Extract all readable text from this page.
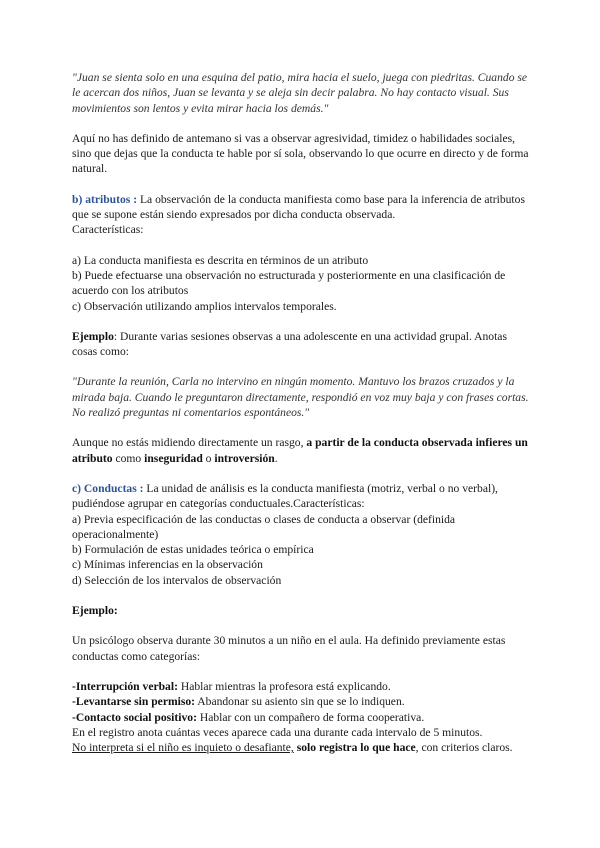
"Juan se sienta solo en una esquina del patio, mira hacia el suelo, juega con piedritas. Cuando se le acercan dos niños, Juan se levanta y se aleja sin decir palabra. No hay contacto visual. Sus movimientos son lentos y evita mirar hacia los demás."

Aquí no has definido de antemano si vas a observar agresividad, timidez o habilidades sociales, sino que dejas que la conducta te hable por sí sola, observando lo que ocurre en directo y de forma natural.

b) atributos : La observación de la conducta manifiesta como base para la inferencia de atributos que se supone están siendo expresados por dicha conducta observada.

Características:

a) La conducta manifiesta es descrita en términos de un atributo

b) Puede efectuarse una observación no estructurada y posteriormente en una clasificación de acuerdo con los atributos

c) Observación utilizando amplios intervalos temporales.

Ejemplo: Durante varias sesiones observas a una adolescente en una actividad grupal. Anotas cosas como:

"Durante la reunión, Carla no intervino en ningún momento. Mantuvo los brazos cruzados y la mirada baja. Cuando le preguntaron directamente, respondió en voz muy baja y con frases cortas. No realizó preguntas ni comentarios espontáneos."

Aunque no estás midiendo directamente un rasgo, a partir de la conducta observada infieres un atributo como inseguridad o introversión.

c) Conductas : La unidad de análisis es la conducta manifiesta (motriz, verbal o no verbal), pudiéndose agrupar en categorías conductuales.Características:

a) Previa especificación de las conductas o clases de conducta a observar (definida operacionalmente)

b) Formulación de estas unidades teórica o empírica

c) Mínimas inferencias en la observación

d) Selección de los intervalos de observación

Ejemplo:

Un psicólogo observa durante 30 minutos a un niño en el aula. Ha definido previamente estas conductas como categorías:

-Interrupción verbal: Hablar mientras la profesora está explicando.

-Levantarse sin permiso: Abandonar su asiento sin que se lo indiquen.

-Contacto social positivo: Hablar con un compañero de forma cooperativa.

En el registro anota cuántas veces aparece cada una durante cada intervalo de 5 minutos.

No interpreta si el niño es inquieto o desafiante, solo registra lo que hace, con criterios claros.
